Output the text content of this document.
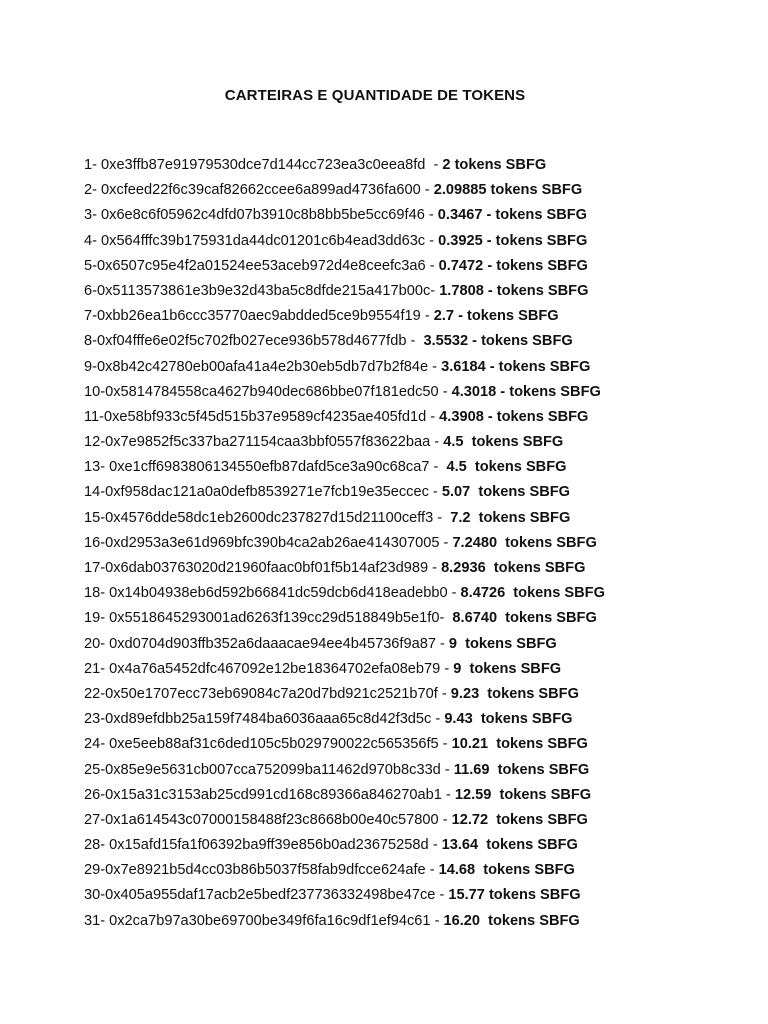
CARTEIRAS E QUANTIDADE DE TOKENS
1- 0xe3ffb87e91979530dce7d144cc723ea3c0eea8fd  - 2 tokens SBFG
2- 0xcfeed22f6c39caf82662ccee6a899ad4736fa600 - 2.09885 tokens SBFG
3- 0x6e8c6f05962c4dfd07b3910c8b8bb5be5cc69f46 - 0.3467 - tokens SBFG
4- 0x564fffc39b175931da44dc01201c6b4ead3dd63c - 0.3925 - tokens SBFG
5-0x6507c95e4f2a01524ee53aceb972d4e8ceefc3a6 - 0.7472 - tokens SBFG
6-0x5113573861e3b9e32d43ba5c8dfde215a417b00c- 1.7808 - tokens SBFG
7-0xbb26ea1b6ccc35770aec9abdded5ce9b9554f19 - 2.7 - tokens SBFG
8-0xf04fffe6e02f5c702fb027ece936b578d4677fdb -  3.5532 - tokens SBFG
9-0x8b42c42780eb00afa41a4e2b30eb5db7d7b2f84e - 3.6184 - tokens SBFG
10-0x5814784558ca4627b940dec686bbe07f181edc50 - 4.3018 - tokens SBFG
11-0xe58bf933c5f45d515b37e9589cf4235ae405fd1d - 4.3908 - tokens SBFG
12-0x7e9852f5c337ba271154caa3bbf0557f83622baa - 4.5  tokens SBFG
13- 0xe1cff6983806134550efb87dafd5ce3a90c68ca7 -  4.5  tokens SBFG
14-0xf958dac121a0a0defb8539271e7fcb19e35eccec - 5.07  tokens SBFG
15-0x4576dde58dc1eb2600dc237827d15d21100ceff3 -  7.2  tokens SBFG
16-0xd2953a3e61d969bfc390b4ca2ab26ae414307005 - 7.2480  tokens SBFG
17-0x6dab03763020d21960faac0bf01f5b14af23d989 - 8.2936  tokens SBFG
18- 0x14b04938eb6d592b66841dc59dcb6d418eadebb0 - 8.4726  tokens SBFG
19- 0x5518645293001ad6263f139cc29d518849b5e1f0-  8.6740  tokens SBFG
20- 0xd0704d903ffb352a6daaacae94ee4b45736f9a87 - 9  tokens SBFG
21- 0x4a76a5452dfc467092e12be18364702efa08eb79 - 9  tokens SBFG
22-0x50e1707ecc73eb69084c7a20d7bd921c2521b70f - 9.23  tokens SBFG
23-0xd89efdbb25a159f7484ba6036aaa65c8d42f3d5c - 9.43  tokens SBFG
24- 0xe5eeb88af31c6ded105c5b029790022c565356f5 - 10.21  tokens SBFG
25-0x85e9e5631cb007cca752099ba11462d970b8c33d - 11.69  tokens SBFG
26-0x15a31c3153ab25cd991cd168c89366a846270ab1 - 12.59  tokens SBFG
27-0x1a614543c07000158488f23c8668b00e40c57800 - 12.72  tokens SBFG
28- 0x15afd15fa1f06392ba9ff39e856b0ad23675258d - 13.64  tokens SBFG
29-0x7e8921b5d4cc03b86b5037f58fab9dfcce624afe - 14.68  tokens SBFG
30-0x405a955daf17acb2e5bedf237736332498be47ce - 15.77 tokens SBFG
31- 0x2ca7b97a30be69700be349f6fa16c9df1ef94c61 - 16.20  tokens SBFG
